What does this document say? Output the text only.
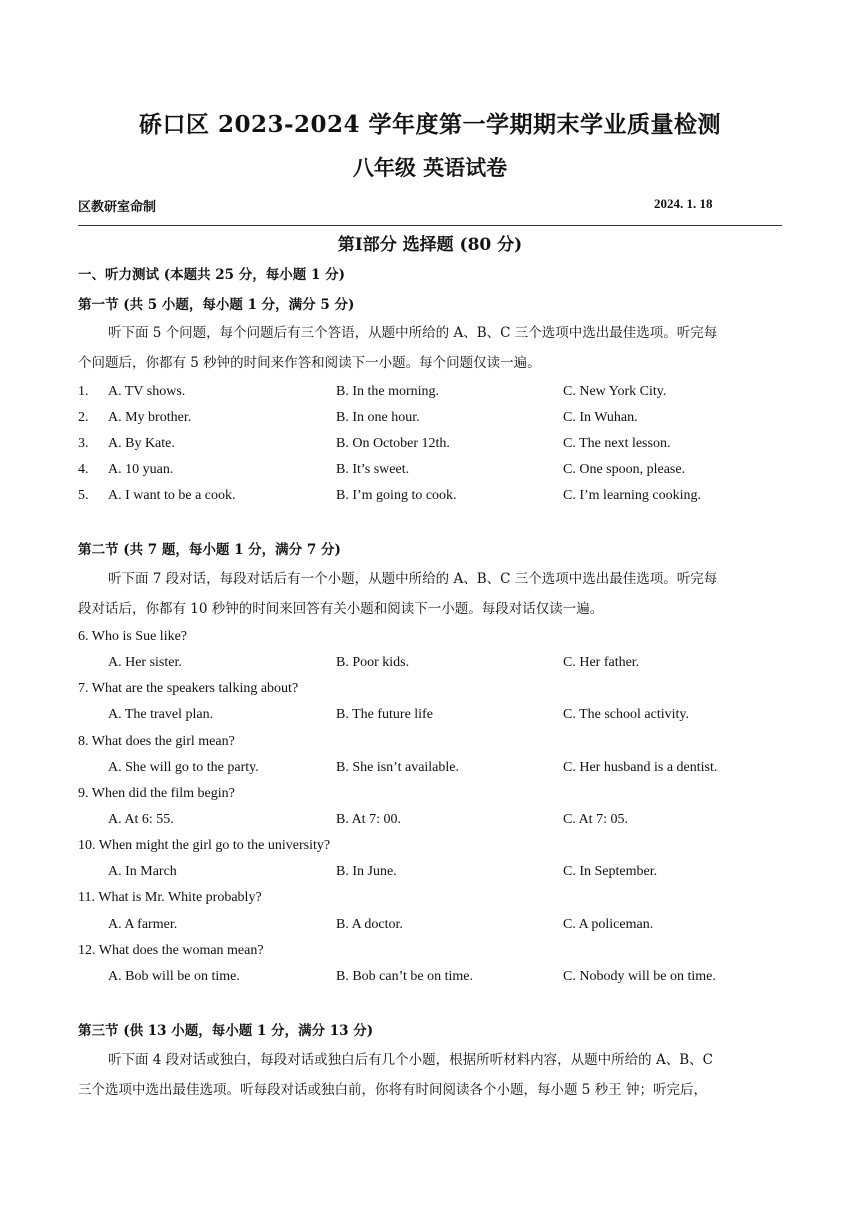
硚口区 2023-2024 学年度第一学期期末学业质量检测
八年级 英语试卷
区教研室命制	2024. 1. 18
第Ⅰ部分 选择题 (80 分)
一、听力测试 (本题共 25 分，每小题 1 分)
第一节 (共 5 小题，每小题 1 分，满分 5 分)
听下面 5 个问题，每个问题后有三个答语，从题中所给的 A、B、C 三个选项中选出最佳选项。听完每
个问题后，你都有 5 秒钟的时间来作答和阅读下一小题。每个问题仅读一遍。
1. A. TV shows.	B. In the morning.	C. New York City.
2. A. My brother.	B. In one hour.	C. In Wuhan.
3. A. By Kate.	B. On October 12th.	C. The next lesson.
4. A. 10 yuan.	B. It’s sweet.	C. One spoon, please.
5. A. I want to be a cook.	B. I’m going to cook.	C. I’m learning cooking.
第二节 (共 7 题，每小题 1 分，满分 7 分)
听下面 7 段对话，每段对话后有一个小题，从题中所给的 A、B、C 三个选项中选出最佳选项。听完每
段对话后，你都有 10 秒钟的时间来回答有关小题和阅读下一小题。每段对话仅读一遍。
6. Who is Sue like?
A. Her sister.	B. Poor kids.	C. Her father.
7. What are the speakers talking about?
A. The travel plan.	B. The future life	C. The school activity.
8. What does the girl mean?
A. She will go to the party.	B. She isn’t available.	C. Her husband is a dentist.
9. When did the film begin?
A. At 6: 55.	B. At 7: 00.	C. At 7: 05.
10. When might the girl go to the university?
A. In March	B. In June.	C. In September.
11. What is Mr. White probably?
A. A farmer.	B. A doctor.	C. A policeman.
12. What does the woman mean?
A. Bob will be on time.	B. Bob can’t be on time.	C. Nobody will be on time.
第三节 (供 13 小题，每小题 1 分，满分 13 分)
听下面 4 段对话或独白，每段对话或独白后有几个小题，根据所听材料内容，从题中所给的 A、B、C
三个选项中选出最佳选项。听每段对话或独白前，你将有时间阅读各个小题，每小题 5 秒王 钟；听完后，
